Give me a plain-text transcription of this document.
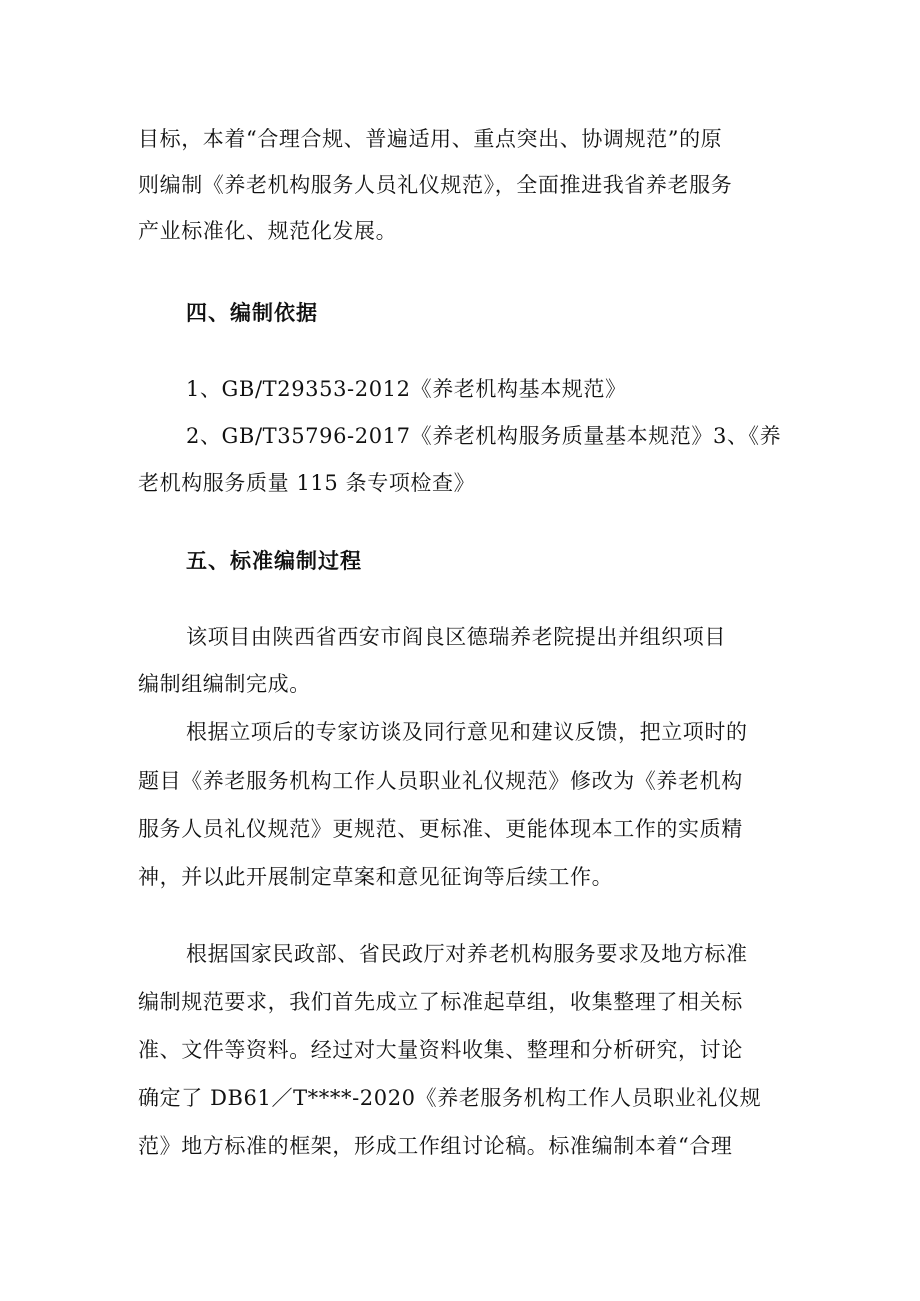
目标，本着“合理合规、普遍适用、重点突出、协调规范”的原
则编制《养老机构服务人员礼仪规范》，全面推进我省养老服务
产业标准化、规范化发展。
四、编制依据
1、GB/T29353-2012《养老机构基本规范》
2、GB/T35796-2017《养老机构服务质量基本规范》3、《养
老机构服务质量 115 条专项检查》
五、标准编制过程
该项目由陕西省西安市阎良区德瑞养老院提出并组织项目
编制组编制完成。
根据立项后的专家访谈及同行意见和建议反馈，把立项时的
题目《养老服务机构工作人员职业礼仪规范》修改为《养老机构
服务人员礼仪规范》更规范、更标准、更能体现本工作的实质精
神，并以此开展制定草案和意见征询等后续工作。
根据国家民政部、省民政厅对养老机构服务要求及地方标准
编制规范要求，我们首先成立了标准起草组，收集整理了相关标
准、文件等资料。经过对大量资料收集、整理和分析研究，讨论
确定了 DB61／T****-2020《养老服务机构工作人员职业礼仪规
范》地方标准的框架，形成工作组讨论稿。标准编制本着“合理
